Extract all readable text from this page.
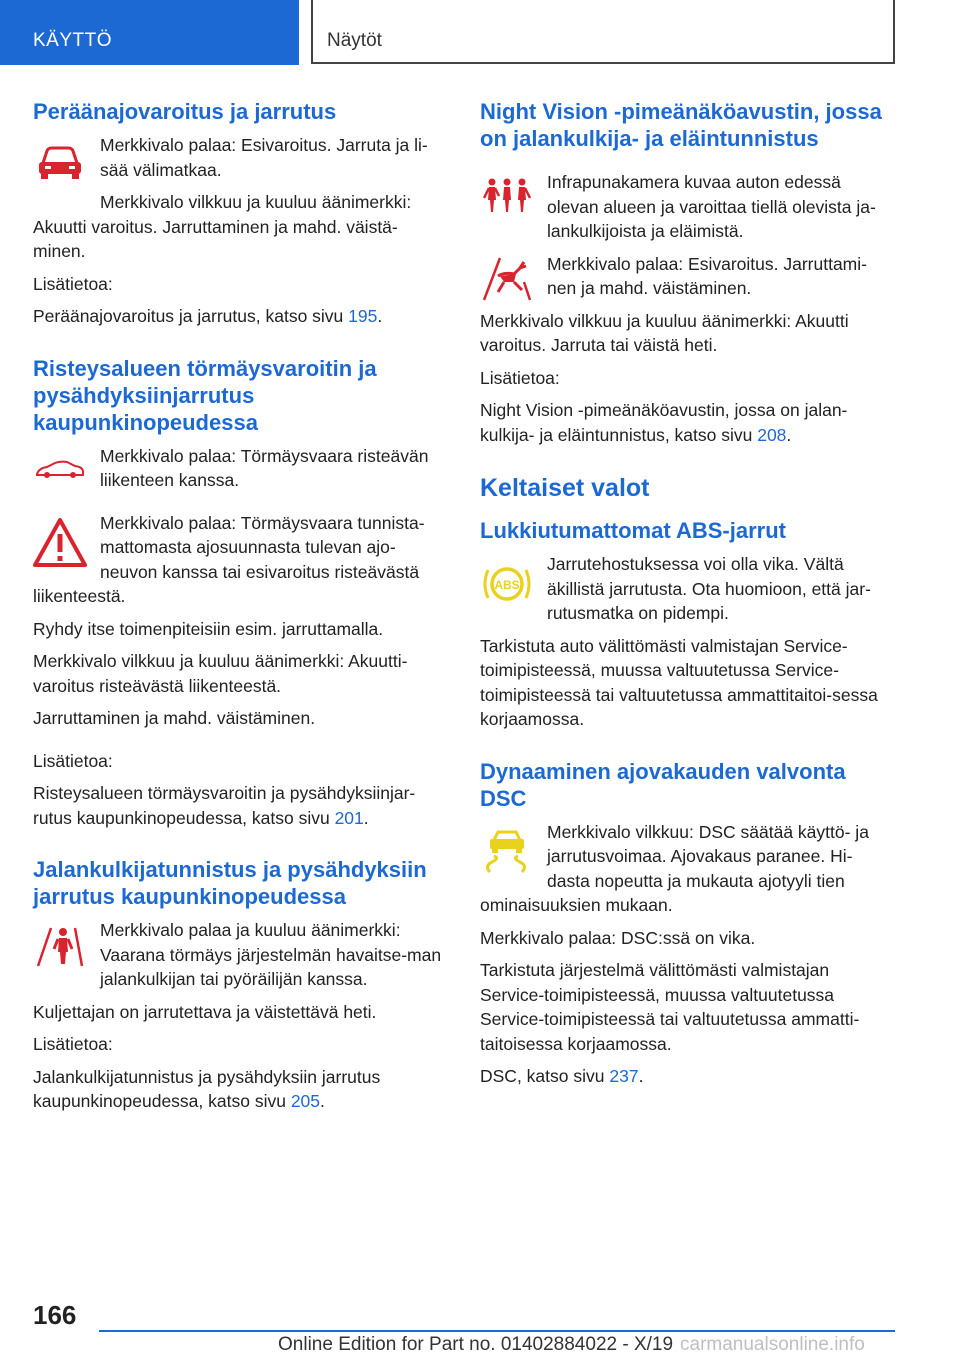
KÄYTTÖ	Näytöt
Peräänajovaroitus ja jarrutus

Merkkivalo palaa: Esivaroitus. Jarruta ja li-sää välimatkaa.

Merkkivalo vilkkuu ja kuuluu äänimerkki:

Akuutti varoitus. Jarruttaminen ja mahd. väistä-minen.

Lisätietoa:

Peräänajovaroitus ja jarrutus, katso sivu 195.

Risteysalueen törmäysvaroitin ja pysähdyksiinjarrutus kaupunkinopeudessa

Merkkivalo palaa: Törmäysvaara risteävän liikenteen kanssa.

Merkkivalo palaa: Törmäysvaara tunnista-mattomasta ajosuunnasta tulevan ajo-neuvon kanssa tai esivaroitus risteävästä

liikenteestä.

Ryhdy itse toimenpiteisiin esim. jarruttamalla.

Merkkivalo vilkkuu ja kuuluu äänimerkki: Akuutti-varoitus risteävästä liikenteestä.

Jarruttaminen ja mahd. väistäminen.

Lisätietoa:

Risteysalueen törmäysvaroitin ja pysähdyksiinjar-rutus kaupunkinopeudessa, katso sivu 201.

Jalankulkijatunnistus ja pysähdyksiin jarrutus kaupunkinopeudessa

Merkkivalo palaa ja kuuluu äänimerkki: Vaarana törmäys järjestelmän havaitse-man jalankulkijan tai pyöräilijän kanssa.

Kuljettajan on jarrutettava ja väistettävä heti.

Lisätietoa:

Jalankulkijatunnistus ja pysähdyksiin jarrutus kaupunkinopeudessa, katso sivu 205.

Night Vision -pimeänäköavustin, jossa on jalankulkija- ja eläintunnistus

Infrapunakamera kuvaa auton edessä olevan alueen ja varoittaa tiellä olevista ja-lankulkijoista ja eläimistä.

Merkkivalo palaa: Esivaroitus. Jarruttami-nen ja mahd. väistäminen.

Merkkivalo vilkkuu ja kuuluu äänimerkki: Akuutti varoitus. Jarruta tai väistä heti.

Lisätietoa:

Night Vision -pimeänäköavustin, jossa on jalan-kulkija- ja eläintunnistus, katso sivu 208.

Keltaiset valot
Lukkiutumattomat ABS-jarrut
ABS

Jarrutehostuksessa voi olla vika. Vältä äkillistä jarrutusta. Ota huomioon, että jar-rutusmatka on pidempi.

Tarkistuta auto välittömästi valmistajan Service-toimipisteessä, muussa valtuutetussa Service-toimipisteessä tai valtuutetussa ammattitaitoi-sessa korjaamossa.

Dynaaminen ajovakauden valvonta DSC

Merkkivalo vilkkuu: DSC säätää käyttö- ja jarrutusvoimaa. Ajovakaus paranee. Hi-dasta nopeutta ja mukauta ajotyyli tien

ominaisuuksien mukaan.

Merkkivalo palaa: DSC:ssä on vika.

Tarkistuta järjestelmä välittömästi valmistajan Service-toimipisteessä, muussa valtuutetussa Service-toimipisteessä tai valtuutetussa ammatti-taitoisessa korjaamossa.

DSC, katso sivu 237.

166
Online Edition for Part no. 01402884022 - X/19 carmanualsonline.info
